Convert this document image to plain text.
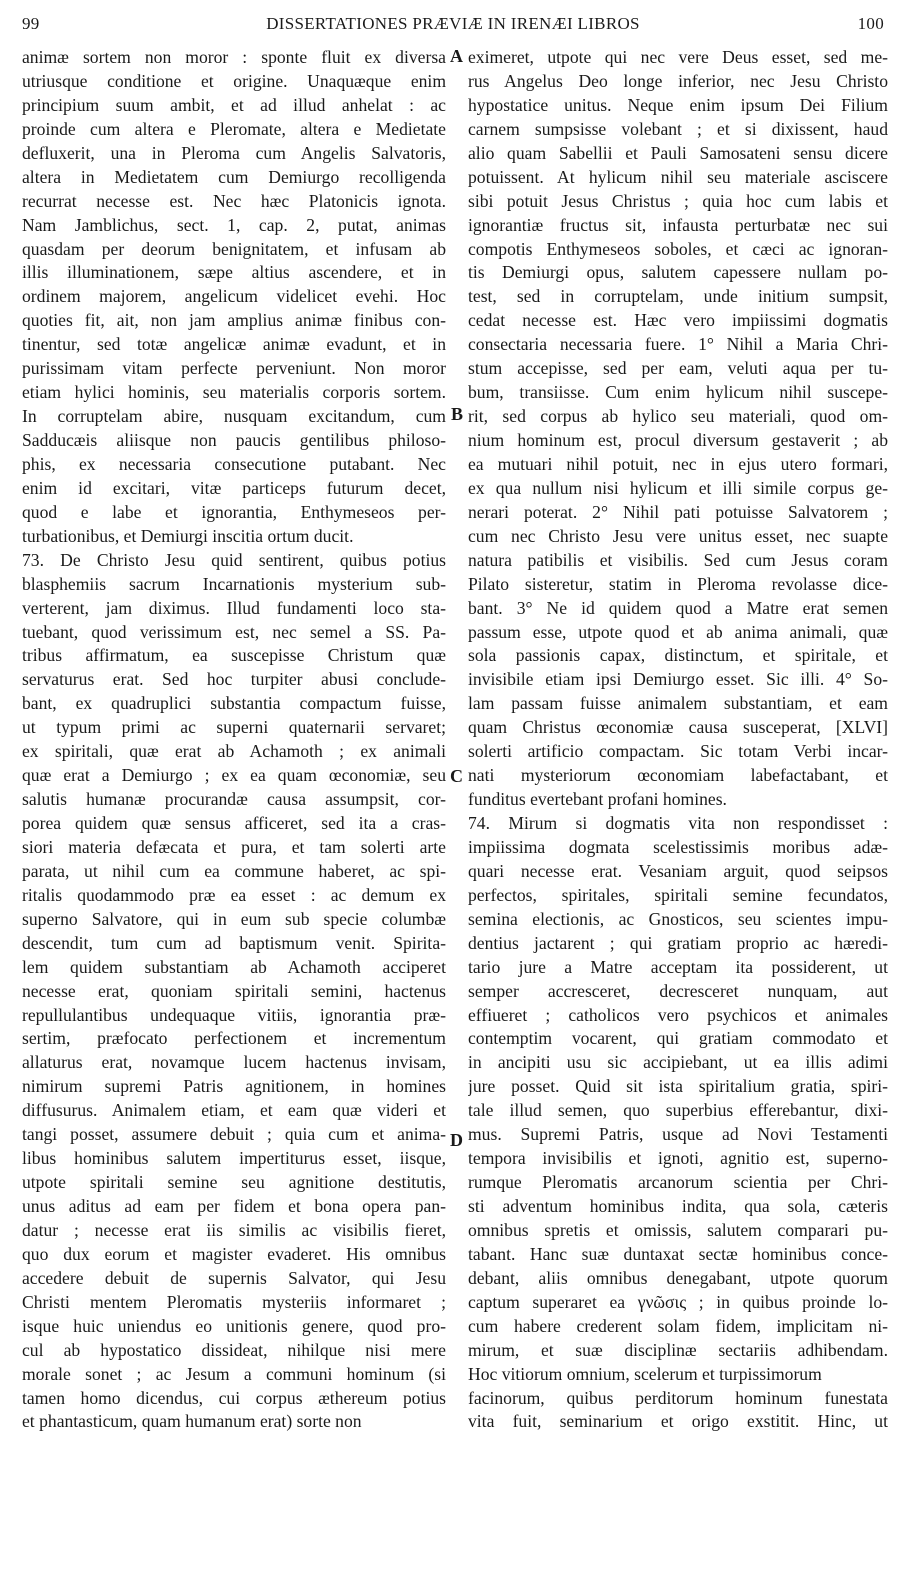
99	DISSERTATIONES PRÆVIÆ IN IRENÆI LIBROS	100
animæ sortem non moror : sponte fluit ex diversa
utriusque conditione et origine. Unaquæque enim
principium suum ambit, et ad illud anhelat : ac
proinde cum altera e Pleromate, altera e Medietate
defluxerit, una in Pleroma cum Angelis Salvatoris,
altera in Medietatem cum Demiurgo recolligenda
recurrat necesse est. Nec hæc Platonicis ignota.
Nam Jamblichus, sect. 1, cap. 2, putat, animas
quasdam per deorum benignitatem, et infusam ab
illis illuminationem, sæpe altius ascendere, et in
ordinem majorem, angelicum videlicet evehi. Hoc
quoties fit, ait, non jam amplius animæ finibus con-
tinentur, sed totæ angelicæ animæ evadunt, et in
purissimam vitam perfecte perveniunt. Non moror
etiam hylici hominis, seu materialis corporis sortem.
In corruptelam abire, nusquam excitandum, cum
Sadducæis aliisque non paucis gentilibus philoso-
phis, ex necessaria consecutione putabant. Nec
enim id excitari, vitæ particeps futurum decet,
quod e labe et ignorantia, Enthymeseos per-
turbationibus, et Demiurgi inscitia ortum ducit.
73. De Christo Jesu quid sentirent, quibus potius
blasphemiis sacrum Incarnationis mysterium sub-
verterent, jam diximus. Illud fundamenti loco sta-
tuebant, quod verissimum est, nec semel a SS. Pa-
tribus affirmatum, ea suscepisse Christum quæ
servaturus erat. Sed hoc turpiter abusi conclude-
bant, ex quadruplici substantia compactum fuisse,
ut typum primi ac superni quaternarii servaret;
ex spiritali, quæ erat ab Achamoth ; ex animali
quæ erat a Demiurgo ; ex ea quam œconomiæ, seu
salutis humanæ procurandæ causa assumpsit, cor-
porea quidem quæ sensus afficeret, sed ita a cras-
siori materia defæcata et pura, et tam solerti arte
parata, ut nihil cum ea commune haberet, ac spi-
ritalis quodammodo præ ea esset : ac demum ex
superno Salvatore, qui in eum sub specie columbæ
descendit, tum cum ad baptismum venit. Spirita-
lem quidem substantiam ab Achamoth acciperet
necesse erat, quoniam spiritali semini, hactenus
repullulantibus undequaque vitiis, ignorantia præ-
sertim, præfocato perfectionem et incrementum
allaturus erat, novamque lucem hactenus invisam,
nimirum supremi Patris agnitionem, in homines
diffusurus. Animalem etiam, et eam quæ videri et
tangi posset, assumere debuit ; quia cum et anima-
libus hominibus salutem impertiturus esset, iisque,
utpote spiritali semine seu agnitione destitutis,
unus aditus ad eam per fidem et bona opera pan-
datur ; necesse erat iis similis ac visibilis fieret,
quo dux eorum et magister evaderet. His omnibus
accedere debuit de supernis Salvator, qui Jesu
Christi mentem Pleromatis mysteriis informaret ;
isque huic uniendus eo unitionis genere, quod pro-
cul ab hypostatico dissideat, nihilque nisi mere
morale sonet ; ac Jesum a communi hominum (si
tamen homo dicendus, cui corpus æthereum potius
et phantasticum, quam humanum erat) sorte non
eximeret, utpote qui nec vere Deus esset, sed me-
rus Angelus Deo longe inferior, nec Jesu Christo
hypostatice unitus. Neque enim ipsum Dei Filium
carnem sumpsisse volebant ; et si dixissent, haud
alio quam Sabellii et Pauli Samosateni sensu dicere
potuissent. At hylicum nihil seu materiale asciscere
sibi potuit Jesus Christus ; quia hoc cum labis et
ignorantiæ fructus sit, infausta perturbatæ nec sui
compotis Enthymeseos soboles, et cæci ac ignoran-
tis Demiurgi opus, salutem capessere nullam po-
test, sed in corruptelam, unde initium sumpsit,
cedat necesse est. Hæc vero impiissimi dogmatis
consectaria necessaria fuere. 1° Nihil a Maria Chri-
stum accepisse, sed per eam, veluti aqua per tu-
bum, transiisse. Cum enim hylicum nihil suscepe-
rit, sed corpus ab hylico seu materiali, quod om-
nium hominum est, procul diversum gestaverit ; ab
ea mutuari nihil potuit, nec in ejus utero formari,
ex qua nullum nisi hylicum et illi simile corpus ge-
nerari poterat. 2° Nihil pati potuisse Salvatorem ;
cum nec Christo Jesu vere unitus esset, nec suapte
natura patibilis et visibilis. Sed cum Jesus coram
Pilato sisteretur, statim in Pleroma revolasse dice-
bant. 3° Ne id quidem quod a Matre erat semen
passum esse, utpote quod et ab anima animali, quæ
sola passionis capax, distinctum, et spiritale, et
invisibile etiam ipsi Demiurgo esset. Sic illi. 4° So-
lam passam fuisse animalem substantiam, et eam
quam Christus œconomiæ causa susceperat, [XLVI]
solerti artificio compactam. Sic totam Verbi incar-
nati mysteriorum œconomiam labefactabant, et
funditus evertebant profani homines.
74. Mirum si dogmatis vita non respondisset :
impiissima dogmata scelestissimis moribus adæ-
quari necesse erat. Vesaniam arguit, quod seipsos
perfectos, spiritales, spiritali semine fecundatos,
semina electionis, ac Gnosticos, seu scientes impu-
dentius jactarent ; qui gratiam proprio ac hæredi-
tario jure a Matre acceptam ita possiderent, ut
semper accresceret, decresceret nunquam, aut
effiueret ; catholicos vero psychicos et animales
contemptim vocarent, qui gratiam commodato et
in ancipiti usu sic accipiebant, ut ea illis adimi
jure posset. Quid sit ista spiritalium gratia, spiri-
tale illud semen, quo superbius efferebantur, dixi-
mus. Supremi Patris, usque ad Novi Testamenti
tempora invisibilis et ignoti, agnitio est, superno-
rumque Pleromatis arcanorum scientia per Chri-
sti adventum hominibus indita, qua sola, cæteris
omnibus spretis et omissis, salutem comparari pu-
tabant. Hanc suæ duntaxat sectæ hominibus conce-
debant, aliis omnibus denegabant, utpote quorum
captum superaret ea γνῶσις ; in quibus proinde lo-
cum habere crederent solam fidem, implicitam ni-
mirum, et suæ disciplinæ sectariis adhibendam.
Hoc vitiorum omnium, scelerum et turpissimorum
facinorum, quibus perditorum hominum funestata
vita fuit, seminarium et origo exstitit. Hinc, ut
A
B
C
D
